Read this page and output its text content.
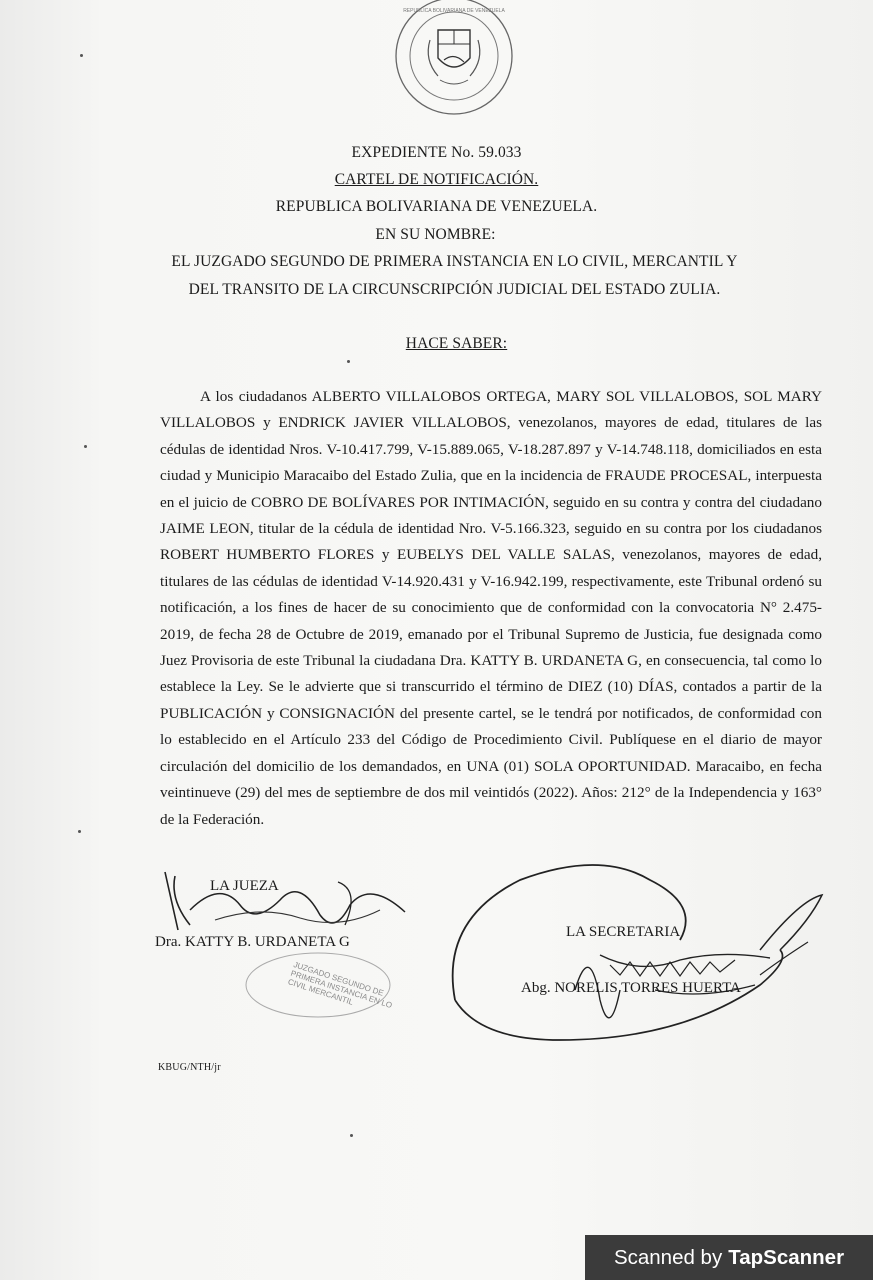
REPUBLICA BOLIVARIANA DE VENEZUELA
EXPEDIENTE No. 59.033
CARTEL DE NOTIFICACIÓN.
REPUBLICA BOLIVARIANA DE VENEZUELA.
EN SU NOMBRE:
EL JUZGADO SEGUNDO DE PRIMERA INSTANCIA EN LO CIVIL, MERCANTIL Y
DEL TRANSITO DE LA CIRCUNSCRIPCIÓN JUDICIAL DEL ESTADO ZULIA.
HACE SABER:

A los ciudadanos ALBERTO VILLALOBOS ORTEGA, MARY SOL VILLALOBOS, SOL MARY VILLALOBOS y ENDRICK JAVIER VILLALOBOS, venezolanos, mayores de edad, titulares de las cédulas de identidad Nros. V-10.417.799, V-15.889.065, V-18.287.897 y V-14.748.118, domiciliados en esta ciudad y Municipio Maracaibo del Estado Zulia, que en la incidencia de FRAUDE PROCESAL, interpuesta en el juicio de COBRO DE BOLÍVARES POR INTIMACIÓN, seguido en su contra y contra del ciudadano JAIME LEON, titular de la cédula de identidad Nro. V-5.166.323, seguido en su contra por los ciudadanos ROBERT HUMBERTO FLORES y EUBELYS DEL VALLE SALAS, venezolanos, mayores de edad, titulares de las cédulas de identidad V-14.920.431 y V-16.942.199, respectivamente, este Tribunal ordenó su notificación, a los fines de hacer de su conocimiento que de conformidad con la convocatoria N° 2.475-2019, de fecha 28 de Octubre de 2019, emanado por el Tribunal Supremo de Justicia, fue designada como Juez Provisoria de este Tribunal la ciudadana Dra. KATTY B. URDANETA G, en consecuencia, tal como lo establece la Ley. Se le advierte que si transcurrido el término de DIEZ (10) DÍAS, contados a partir de la PUBLICACIÓN y CONSIGNACIÓN del presente cartel, se le tendrá por notificados, de conformidad con lo establecido en el Artículo 233 del Código de Procedimiento Civil. Publíquese en el diario de mayor circulación del domicilio de los demandados, en UNA (01) SOLA OPORTUNIDAD. Maracaibo, en fecha veintinueve (29) del mes de septiembre de dos mil veintidós (2022). Años: 212° de la Independencia y 163° de la Federación.

LA JUEZA
Dra. KATTY B. URDANETA G
LA SECRETARIA
Abg. NORELIS TORRES HUERTA
JUZGADO SEGUNDO DE PRIMERA INSTANCIA EN LO CIVIL MERCANTIL
KBUG/NTH/jr
Scanned by TapScanner
